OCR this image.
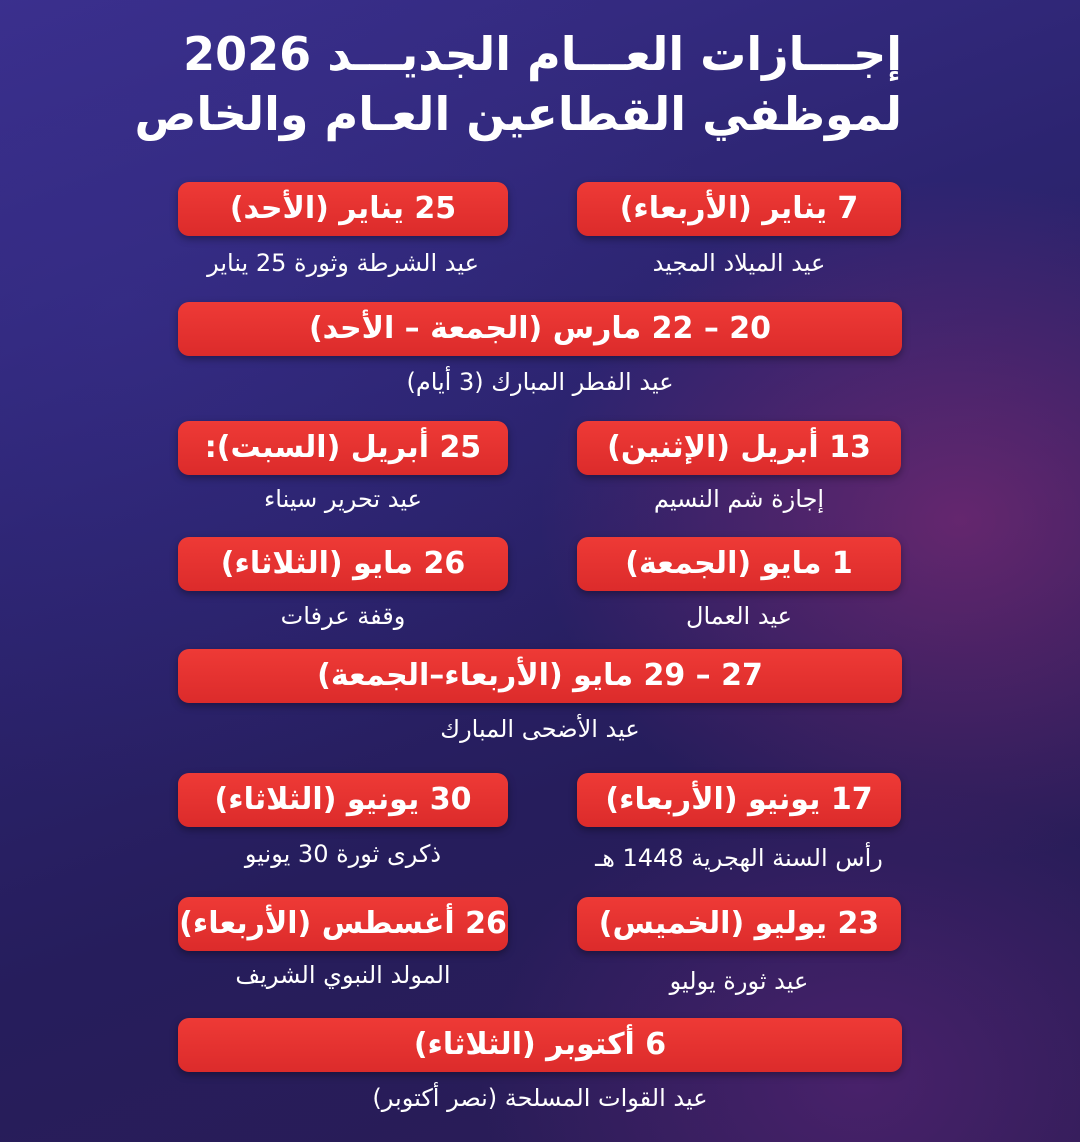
إجـــازات العـــام الجديـــد 2026
لموظفي القطاعين العـام والخاص
7 يناير (الأربعاء)
عيد الميلاد المجيد
25 يناير (الأحد)
عيد الشرطة وثورة 25 يناير
20 – 22 مارس (الجمعة – الأحد)
عيد الفطر المبارك (3 أيام)
13 أبريل (الإثنين)
إجازة شم النسيم
25 أبريل (السبت):
عيد تحرير سيناء
1 مايو (الجمعة)
عيد العمال
26 مايو (الثلاثاء)
وقفة عرفات
27 – 29 مايو (الأربعاء–الجمعة)
عيد الأضحى المبارك
17 يونيو (الأربعاء)
رأس السنة الهجرية 1448 هـ
30 يونيو (الثلاثاء)
ذكرى ثورة 30 يونيو
23 يوليو (الخميس)
عيد ثورة يوليو
26 أغسطس (الأربعاء)
المولد النبوي الشريف
6 أكتوبر (الثلاثاء)
عيد القوات المسلحة (نصر أكتوبر)
